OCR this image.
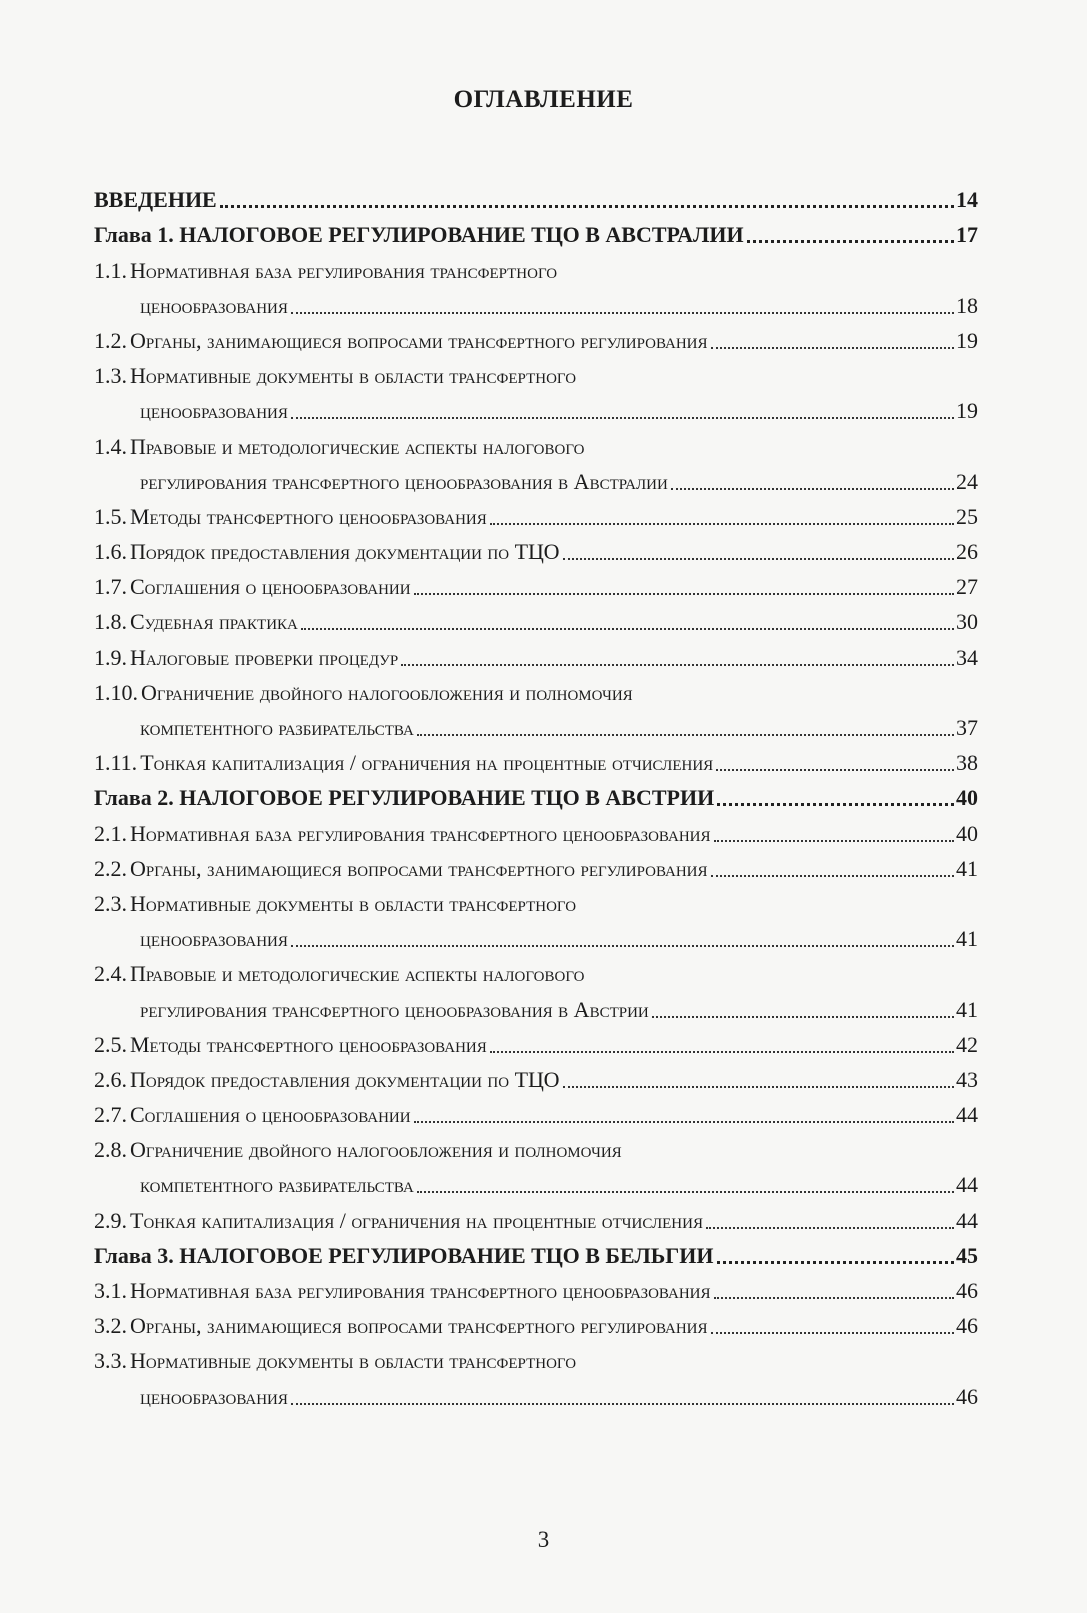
ОГЛАВЛЕНИЕ
ВВЕДЕНИЕ	14
Глава 1. НАЛОГОВОЕ РЕГУЛИРОВАНИЕ ТЦО В АВСТРАЛИИ	17
1.1. Нормативная база регулирования трансфертного
ценообразования	18
1.2. Органы, занимающиеся вопросами трансфертного регулирования	19
1.3. Нормативные документы в области трансфертного
ценообразования	19
1.4. Правовые и методологические аспекты налогового
регулирования трансфертного ценообразования в Австралии	24
1.5. Методы трансфертного ценообразования	25
1.6. Порядок предоставления документации по ТЦО	26
1.7. Соглашения о ценообразовании	27
1.8. Судебная практика	30
1.9. Налоговые проверки процедур	34
1.10. Ограничение двойного налогообложения и полномочия
компетентного разбирательства	37
1.11. Тонкая капитализация / ограничения на процентные отчисления	38
Глава 2. НАЛОГОВОЕ РЕГУЛИРОВАНИЕ ТЦО В АВСТРИИ	40
2.1. Нормативная база регулирования трансфертного ценообразования	40
2.2. Органы, занимающиеся вопросами трансфертного регулирования	41
2.3. Нормативные документы в области трансфертного
ценообразования	41
2.4. Правовые и методологические аспекты налогового
регулирования трансфертного ценообразования в Австрии	41
2.5. Методы трансфертного ценообразования	42
2.6. Порядок предоставления документации по ТЦО	43
2.7. Соглашения о ценообразовании	44
2.8. Ограничение двойного налогообложения и полномочия
компетентного разбирательства	44
2.9. Тонкая капитализация / ограничения на процентные отчисления	44
Глава 3. НАЛОГОВОЕ РЕГУЛИРОВАНИЕ ТЦО В БЕЛЬГИИ	45
3.1. Нормативная база регулирования трансфертного ценообразования	46
3.2. Органы, занимающиеся вопросами трансфертного регулирования	46
3.3. Нормативные документы в области трансфертного
ценообразования	46
3
